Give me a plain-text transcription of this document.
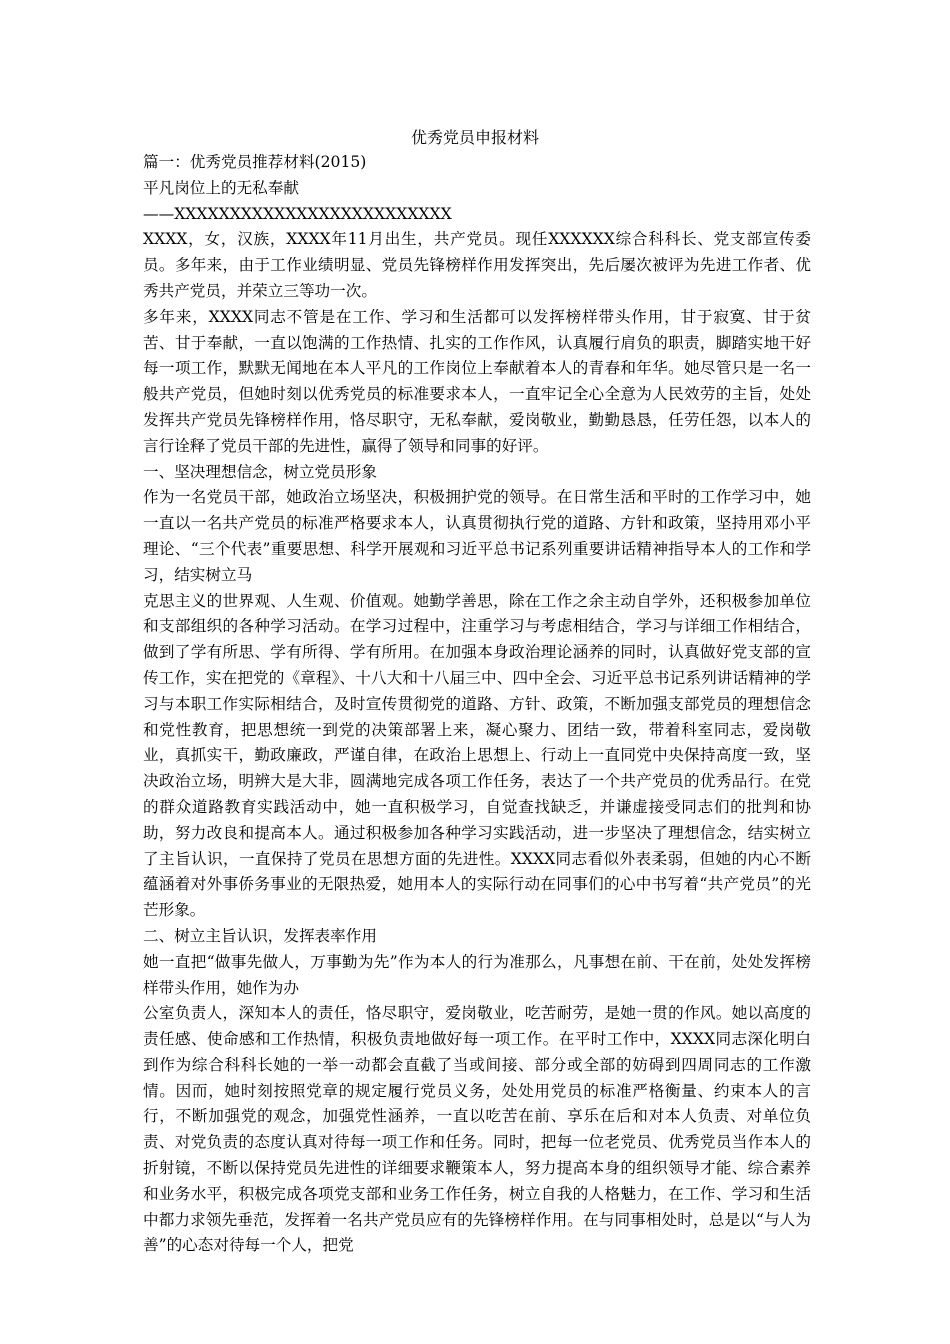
优秀党员申报材料

篇一：优秀党员推荐材料(2015)

平凡岗位上的无私奉献

——XXXXXXXXXXXXXXXXXXXXXXXXX

XXXX，女，汉族，XXXX年11月出生，共产党员。现任XXXXXX综合科科长、党支部宣传委员。多年来，由于工作业绩明显、党员先锋榜样作用发挥突出，先后屡次被评为先进工作者、优秀共产党员，并荣立三等功一次。

多年来，XXXX同志不管是在工作、学习和生活都可以发挥榜样带头作用，甘于寂寞、甘于贫苦、甘于奉献，一直以饱满的工作热情、扎实的工作作风，认真履行肩负的职责，脚踏实地干好每一项工作，默默无闻地在本人平凡的工作岗位上奉献着本人的青春和年华。她尽管只是一名一般共产党员，但她时刻以优秀党员的标准要求本人，一直牢记全心全意为人民效劳的主旨，处处发挥共产党员先锋榜样作用，恪尽职守，无私奉献，爱岗敬业，勤勤恳恳，任劳任怨，以本人的言行诠释了党员干部的先进性，赢得了领导和同事的好评。

一、坚决理想信念，树立党员形象

作为一名党员干部，她政治立场坚决，积极拥护党的领导。在日常生活和平时的工作学习中，她一直以一名共产党员的标准严格要求本人，认真贯彻执行党的道路、方针和政策，坚持用邓小平理论、“三个代表”重要思想、科学开展观和习近平总书记系列重要讲话精神指导本人的工作和学习，结实树立马

克思主义的世界观、人生观、价值观。她勤学善思，除在工作之余主动自学外，还积极参加单位和支部组织的各种学习活动。在学习过程中，注重学习与考虑相结合，学习与详细工作相结合，做到了学有所思、学有所得、学有所用。在加强本身政治理论涵养的同时，认真做好党支部的宣传工作，实在把党的《章程》、十八大和十八届三中、四中全会、习近平总书记系列讲话精神的学习与本职工作实际相结合，及时宣传贯彻党的道路、方针、政策，不断加强支部党员的理想信念和党性教育，把思想统一到党的决策部署上来，凝心聚力、团结一致，带着科室同志，爱岗敬业，真抓实干，勤政廉政，严谨自律，在政治上思想上、行动上一直同党中央保持高度一致，坚决政治立场，明辨大是大非，圆满地完成各项工作任务，表达了一个共产党员的优秀品行。在党的群众道路教育实践活动中，她一直积极学习，自觉查找缺乏，并谦虚接受同志们的批判和协助，努力改良和提高本人。通过积极参加各种学习实践活动，进一步坚决了理想信念，结实树立了主旨认识，一直保持了党员在思想方面的先进性。XXXX同志看似外表柔弱，但她的内心不断蕴涵着对外事侨务事业的无限热爱，她用本人的实际行动在同事们的心中书写着“共产党员”的光芒形象。

二、树立主旨认识，发挥表率作用

她一直把“做事先做人，万事勤为先”作为本人的行为准那么，凡事想在前、干在前，处处发挥榜样带头作用，她作为办

公室负责人，深知本人的责任，恪尽职守，爱岗敬业，吃苦耐劳，是她一贯的作风。她以高度的责任感、使命感和工作热情，积极负责地做好每一项工作。在平时工作中，XXXX同志深化明白到作为综合科科长她的一举一动都会直截了当或间接、部分或全部的妨碍到四周同志的工作激情。因而，她时刻按照党章的规定履行党员义务，处处用党员的标准严格衡量、约束本人的言行，不断加强党的观念，加强党性涵养，一直以吃苦在前、享乐在后和对本人负责、对单位负责、对党负责的态度认真对待每一项工作和任务。同时，把每一位老党员、优秀党员当作本人的折射镜，不断以保持党员先进性的详细要求鞭策本人，努力提高本身的组织领导才能、综合素养和业务水平，积极完成各项党支部和业务工作任务，树立自我的人格魅力，在工作、学习和生活中都力求领先垂范，发挥着一名共产党员应有的先锋榜样作用。在与同事相处时，总是以“与人为善”的心态对待每一个人，把党
